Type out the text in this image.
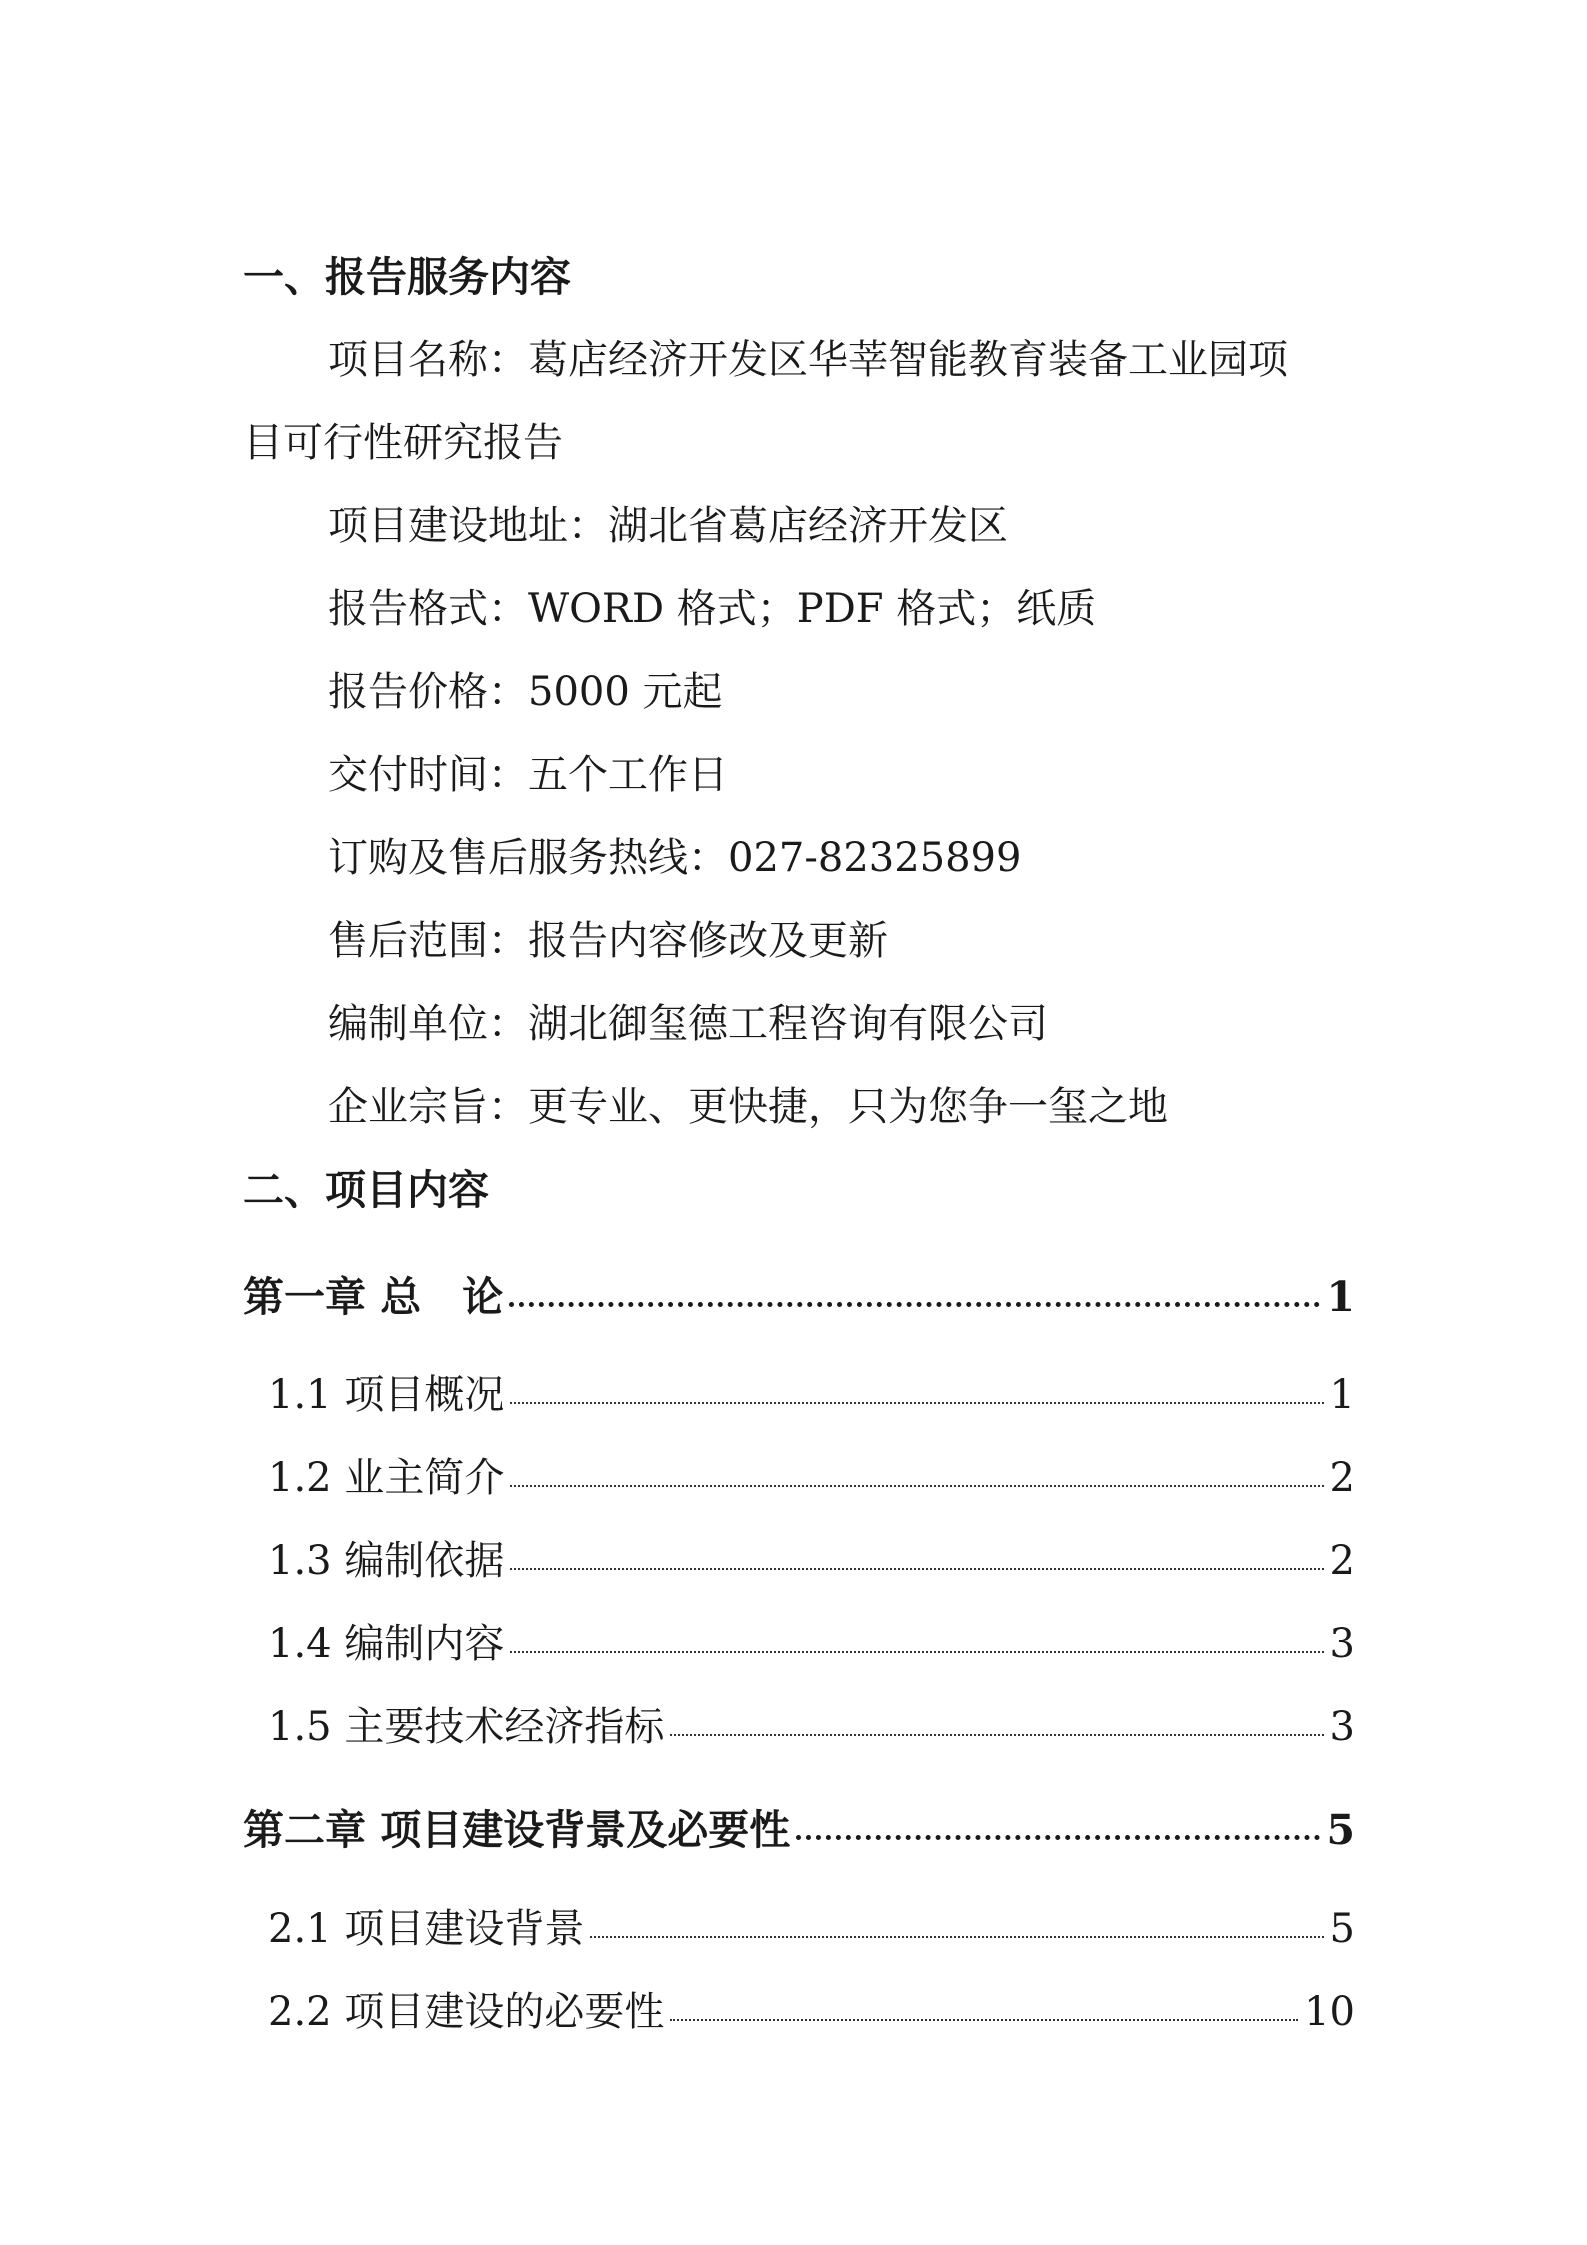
一、报告服务内容
项目名称：葛店经济开发区华莘智能教育装备工业园项
目可行性研究报告
项目建设地址：湖北省葛店经济开发区
报告格式：WORD 格式；PDF 格式；纸质
报告价格：5000 元起
交付时间：五个工作日
订购及售后服务热线：027-82325899
售后范围：报告内容修改及更新
编制单位：湖北御玺德工程咨询有限公司
企业宗旨：更专业、更快捷，只为您争一玺之地
二、项目内容
第一章 总　论	1
1.1 项目概况	1
1.2 业主简介	2
1.3 编制依据	2
1.4 编制内容	3
1.5 主要技术经济指标	3
第二章 项目建设背景及必要性	5
2.1 项目建设背景	5
2.2 项目建设的必要性	10
